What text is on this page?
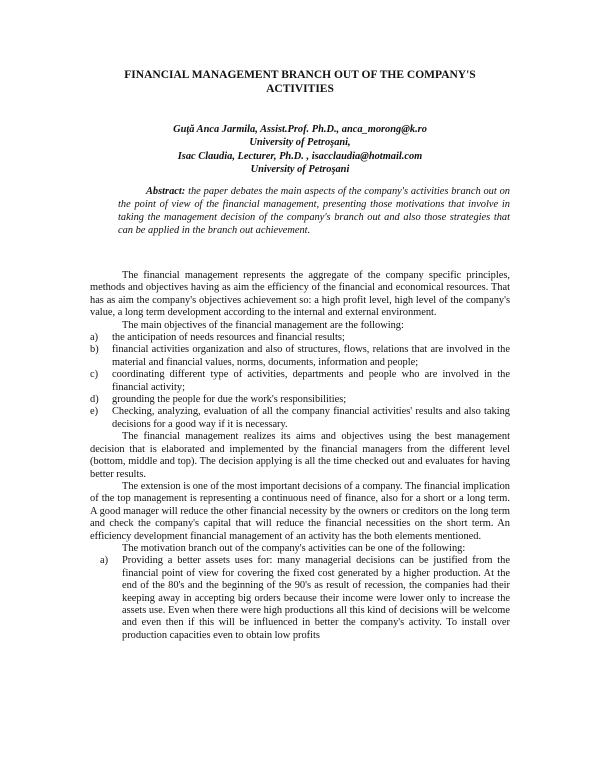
FINANCIAL MANAGEMENT BRANCH OUT OF THE COMPANY'S ACTIVITIES
Guţă Anca Jarmila, Assist.Prof. Ph.D., anca_morong@k.ro
University of Petroşani,
Isac Claudia, Lecturer, Ph.D. , isacclaudia@hotmail.com
University of Petroşani

Abstract: the paper debates the main aspects of the company's activities branch out on the point of view of the financial management, presenting those motivations that involve in taking the management decision of the company's branch out and also those strategies that can be applied in the branch out achievement.

The financial management represents the aggregate of the company specific principles, methods and objectives having as aim the efficiency of the financial and economical resources. That has as aim the company's objectives achievement so: a high profit level, high level of the company's value, a long term development according to the internal and external environment.

The main objectives of the financial management are the following:

a) the anticipation of needs resources and financial results;
b) financial activities organization and also of structures, flows, relations that are involved in the material and financial values, norms, documents, information and people;
c) coordinating different type of activities, departments and people who are involved in the financial activity;
d) grounding the people for due the work's responsibilities;
e) Checking, analyzing, evaluation of all the company financial activities' results and also taking decisions for a good way if it is necessary.

The financial management realizes its aims and objectives using the best management decision that is elaborated and implemented by the financial managers from the different level (bottom, middle and top). The decision applying is all the time checked out and evaluates for having better results.

The extension is one of the most important decisions of a company. The financial implication of the top management is representing a continuous need of finance, also for a short or a long term. A good manager will reduce the other financial necessity by the owners or creditors on the long term and check the company's capital that will reduce the financial necessities on the short term. An efficiency development financial management of an activity has the both elements mentioned.

The motivation branch out of the company's activities can be one of the following:

a) Providing a better assets uses for: many managerial decisions can be justified from the financial point of view for covering the fixed cost generated by a higher production. At the end of the 80's and the beginning of the 90's as result of recession, the companies had their keeping away in accepting big orders because their income were lower only to increase the assets use. Even when there were high productions all this kind of decisions will be welcome and even then if this will be influenced in better the company's activity. To install over production capacities even to obtain low profits
